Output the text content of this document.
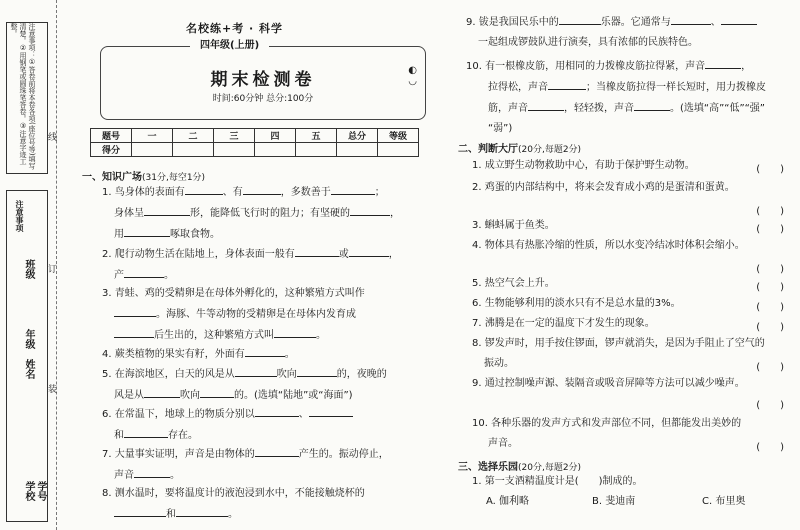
注意事项：①答卷前将本卷各项(座位号等)填写清楚。②用钢笔或圆珠笔答卷。③注意字迹工整。
注意事项
班级
年级
姓名
学校 学号
线
订
装
名校练+考 · 科学
期末检测卷
时间:60分钟 总分:100分
◐
◡
四年级(上册)
题号	一	二	三	四	五	总分	等级
得分							
一、知识广场(31分,每空1分)
1. 鸟身体的表面有	、有	，多数善于	；
身体呈	形，能降低飞行时的阻力；有坚硬的	，
用	啄取食物。
2. 爬行动物生活在陆地上，身体表面一般有	或	，
产	。
3. 青蛙、鸡的受精卵是在母体外孵化的，这种繁殖方式叫作
。海豚、牛等动物的受精卵是在母体内发育成
后生出的，这种繁殖方式叫	。
4. 蕨类植物的果实有籽，外面有	。
5. 在海滨地区，白天的风是从	吹向	的，夜晚的
风是从	吹向	的。(选填“陆地”或“海面”)
6. 在常温下，地球上的物质分别以	、
和	存在。
7. 大量事实证明，声音是由物体的	产生的。振动停止，
声音	。
8. 测水温时，要将温度计的液泡浸到水中，不能接触烧杯的
和	。
9. 钹是我国民乐中的	乐器。它通常与	、
一起组成锣鼓队进行演奏，具有浓郁的民族特色。
10. 有一根橡皮筋，用相同的力拨橡皮筋拉得紧，声音	，
拉得松，声音	；当橡皮筋拉得一样长短时，用力拨橡皮
筋，声音	，轻轻拨，声音	。(选填“高”“低”“强”
“弱”)
二、判断大厅(20分,每题2分)
1. 成立野生动物救助中心，有助于保护野生动物。	(　　)
2. 鸡蛋的内部结构中，将来会发育成小鸡的是蛋清和蛋黄。
(　　)
3. 蝌蚪属于鱼类。	(　　)
4. 物体具有热胀冷缩的性质，所以水变冷结冰时体积会缩小。
(　　)
5. 热空气会上升。	(　　)
6. 生物能够利用的淡水只有不是总水量的3%。	(　　)
7. 沸腾是在一定的温度下才发生的现象。	(　　)
8. 锣发声时，用手按住锣面，锣声就消失，是因为手阻止了空气的
振动。	(　　)
9. 通过控制噪声源、装隔音或吸音屏障等方法可以减少噪声。
(　　)
10. 各种乐器的发声方式和发声部位不同，但都能发出美妙的
声音。	(　　)
三、选择乐园(20分,每题2分)
1. 第一支酒精温度计是(　　)制成的。
A. 伽利略	B. 斐迪南	C. 布里奥
